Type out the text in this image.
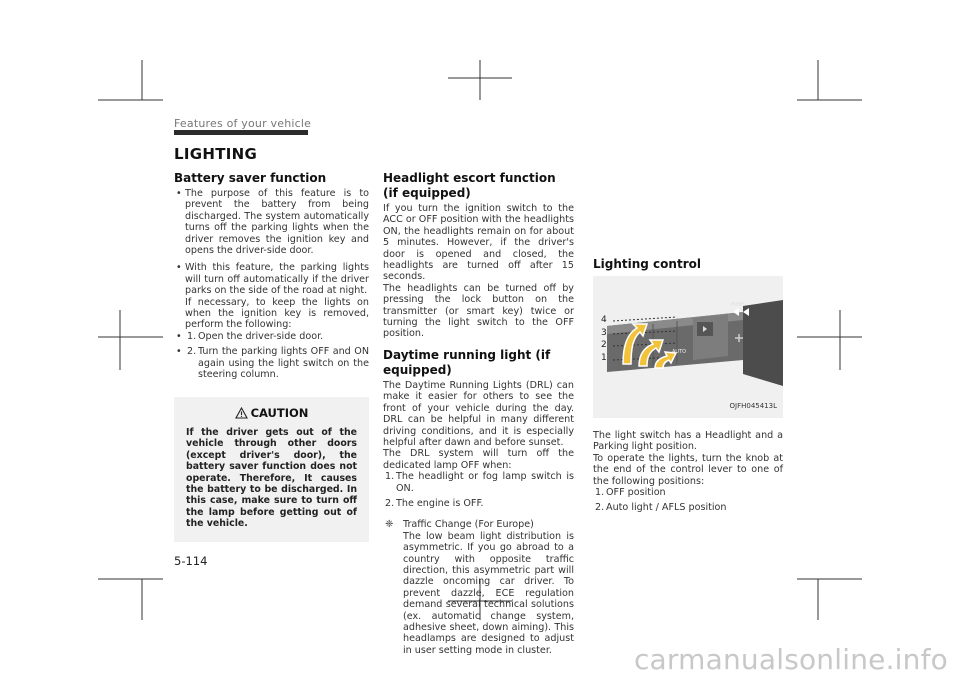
Features of your vehicle
LIGHTING
Battery saver function
• The purpose of this feature is to prevent the battery from being discharged. The system automatically turns off the parking lights when the driver removes the ignition key and opens the driver-side door.
• With this feature, the parking lights will turn off automatically if the driver parks on the side of the road at night.

If necessary, to keep the lights on when the ignition key is removed, perform the following:

• 1. Open the driver-side door.
• 2. Turn the parking lights OFF and ON again using the light switch on the steering column.
CAUTION
If the driver gets out of the vehicle through other doors (except driver's door), the battery saver function does not operate. Therefore, It causes the battery to be discharged. In this case, make sure to turn off the lamp before getting out of the vehicle.
Headlight escort function (if equipped)

If you turn the ignition switch to the ACC or OFF position with the headlights ON, the headlights remain on for about 5 minutes. However, if the driver's door is opened and closed, the headlights are turned off after 15 seconds.

The headlights can be turned off by pressing the lock button on the transmitter (or smart key) twice or turning the light switch to the OFF position.

Daytime running light (if equipped)

The Daytime Running Lights (DRL) can make it easier for others to see the front of your vehicle during the day. DRL can be helpful in many different driving conditions, and it is especially helpful after dawn and before sunset.

The DRL system will turn off the dedicated lamp OFF when:

1. The headlight or fog lamp switch is ON.
2. The engine is OFF.
❈ Traffic Change (For Europe)
The low beam light distribution is asymmetric. If you go abroad to a country with opposite traffic direction, this asymmetric part will dazzle oncoming car driver. To prevent dazzle, ECE regulation demand several technical solutions (ex. automatic change system, adhesive sheet, down aiming). This headlamps are designed to adjust in user setting mode in cluster.
Lighting control
PUSH
4
3
2
1
AUTO
OJFH045413L

The light switch has a Headlight and a Parking light position.

To operate the lights, turn the knob at the end of the control lever to one of the following positions:

1. OFF position
2. Auto light / AFLS position
5-114
carmanualsonline.info
